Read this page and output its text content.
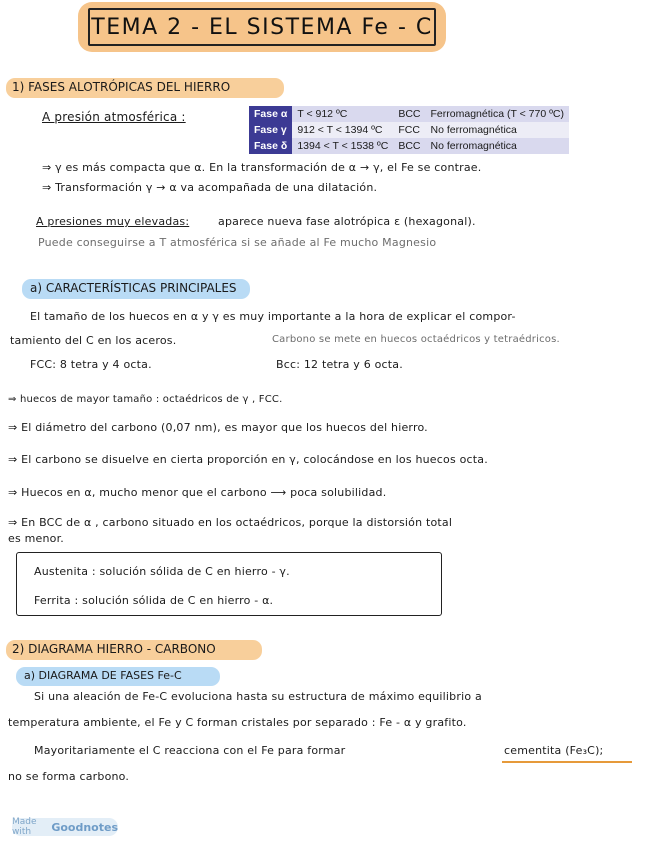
TEMA 2 - EL SISTEMA Fe - C
1) FASES ALOTRÓPICAS DEL HIERRO
A presión atmosférica :	Fase α	T < 912 ºC	BCC	Ferromagnética (T < 770 ºC)
Fase γ	912 < T < 1394 ºC	FCC	No ferromagnética
Fase δ	1394 < T < 1538 ºC	BCC	No ferromagnética
⇒ γ es más compacta que α. En la transformación de α → γ, el Fe se contrae.
⇒ Transformación γ → α va acompañada de una dilatación.
A presiones muy elevadas:	aparece nueva fase alotrópica ε (hexagonal).
Puede conseguirse a T atmosférica si se añade al Fe mucho Magnesio
a) CARACTERÍSTICAS PRINCIPALES
El tamaño de los huecos en α y γ es muy importante a la hora de explicar el compor-
tamiento del C en los aceros.	Carbono se mete en huecos octaédricos y tetraédricos.
FCC: 8 tetra y 4 octa.	Bcc: 12 tetra y 6 octa.
⇒ huecos de mayor tamaño : octaédricos de γ , FCC.
⇒ El diámetro del carbono (0,07 nm), es mayor que los huecos del hierro.
⇒ El carbono se disuelve en cierta proporción en γ, colocándose en los huecos octa.
⇒ Huecos en α, mucho menor que el carbono ⟶ poca solubilidad.
⇒ En BCC de α , carbono situado en los octaédricos, porque la distorsión total
es menor.
Austenita : solución sólida de C en hierro - γ.
Ferrita : solución sólida de C en hierro - α.
2) DIAGRAMA HIERRO - CARBONO
a) DIAGRAMA DE FASES Fe-C
Si una aleación de Fe-C evoluciona hasta su estructura de máximo equilibrio a
temperatura ambiente, el Fe y C forman cristales por separado : Fe - α y grafito.
Mayoritariamente el C reacciona con el Fe para formar	cementita (Fe₃C);
no se forma carbono.
Made with	Goodnotes
